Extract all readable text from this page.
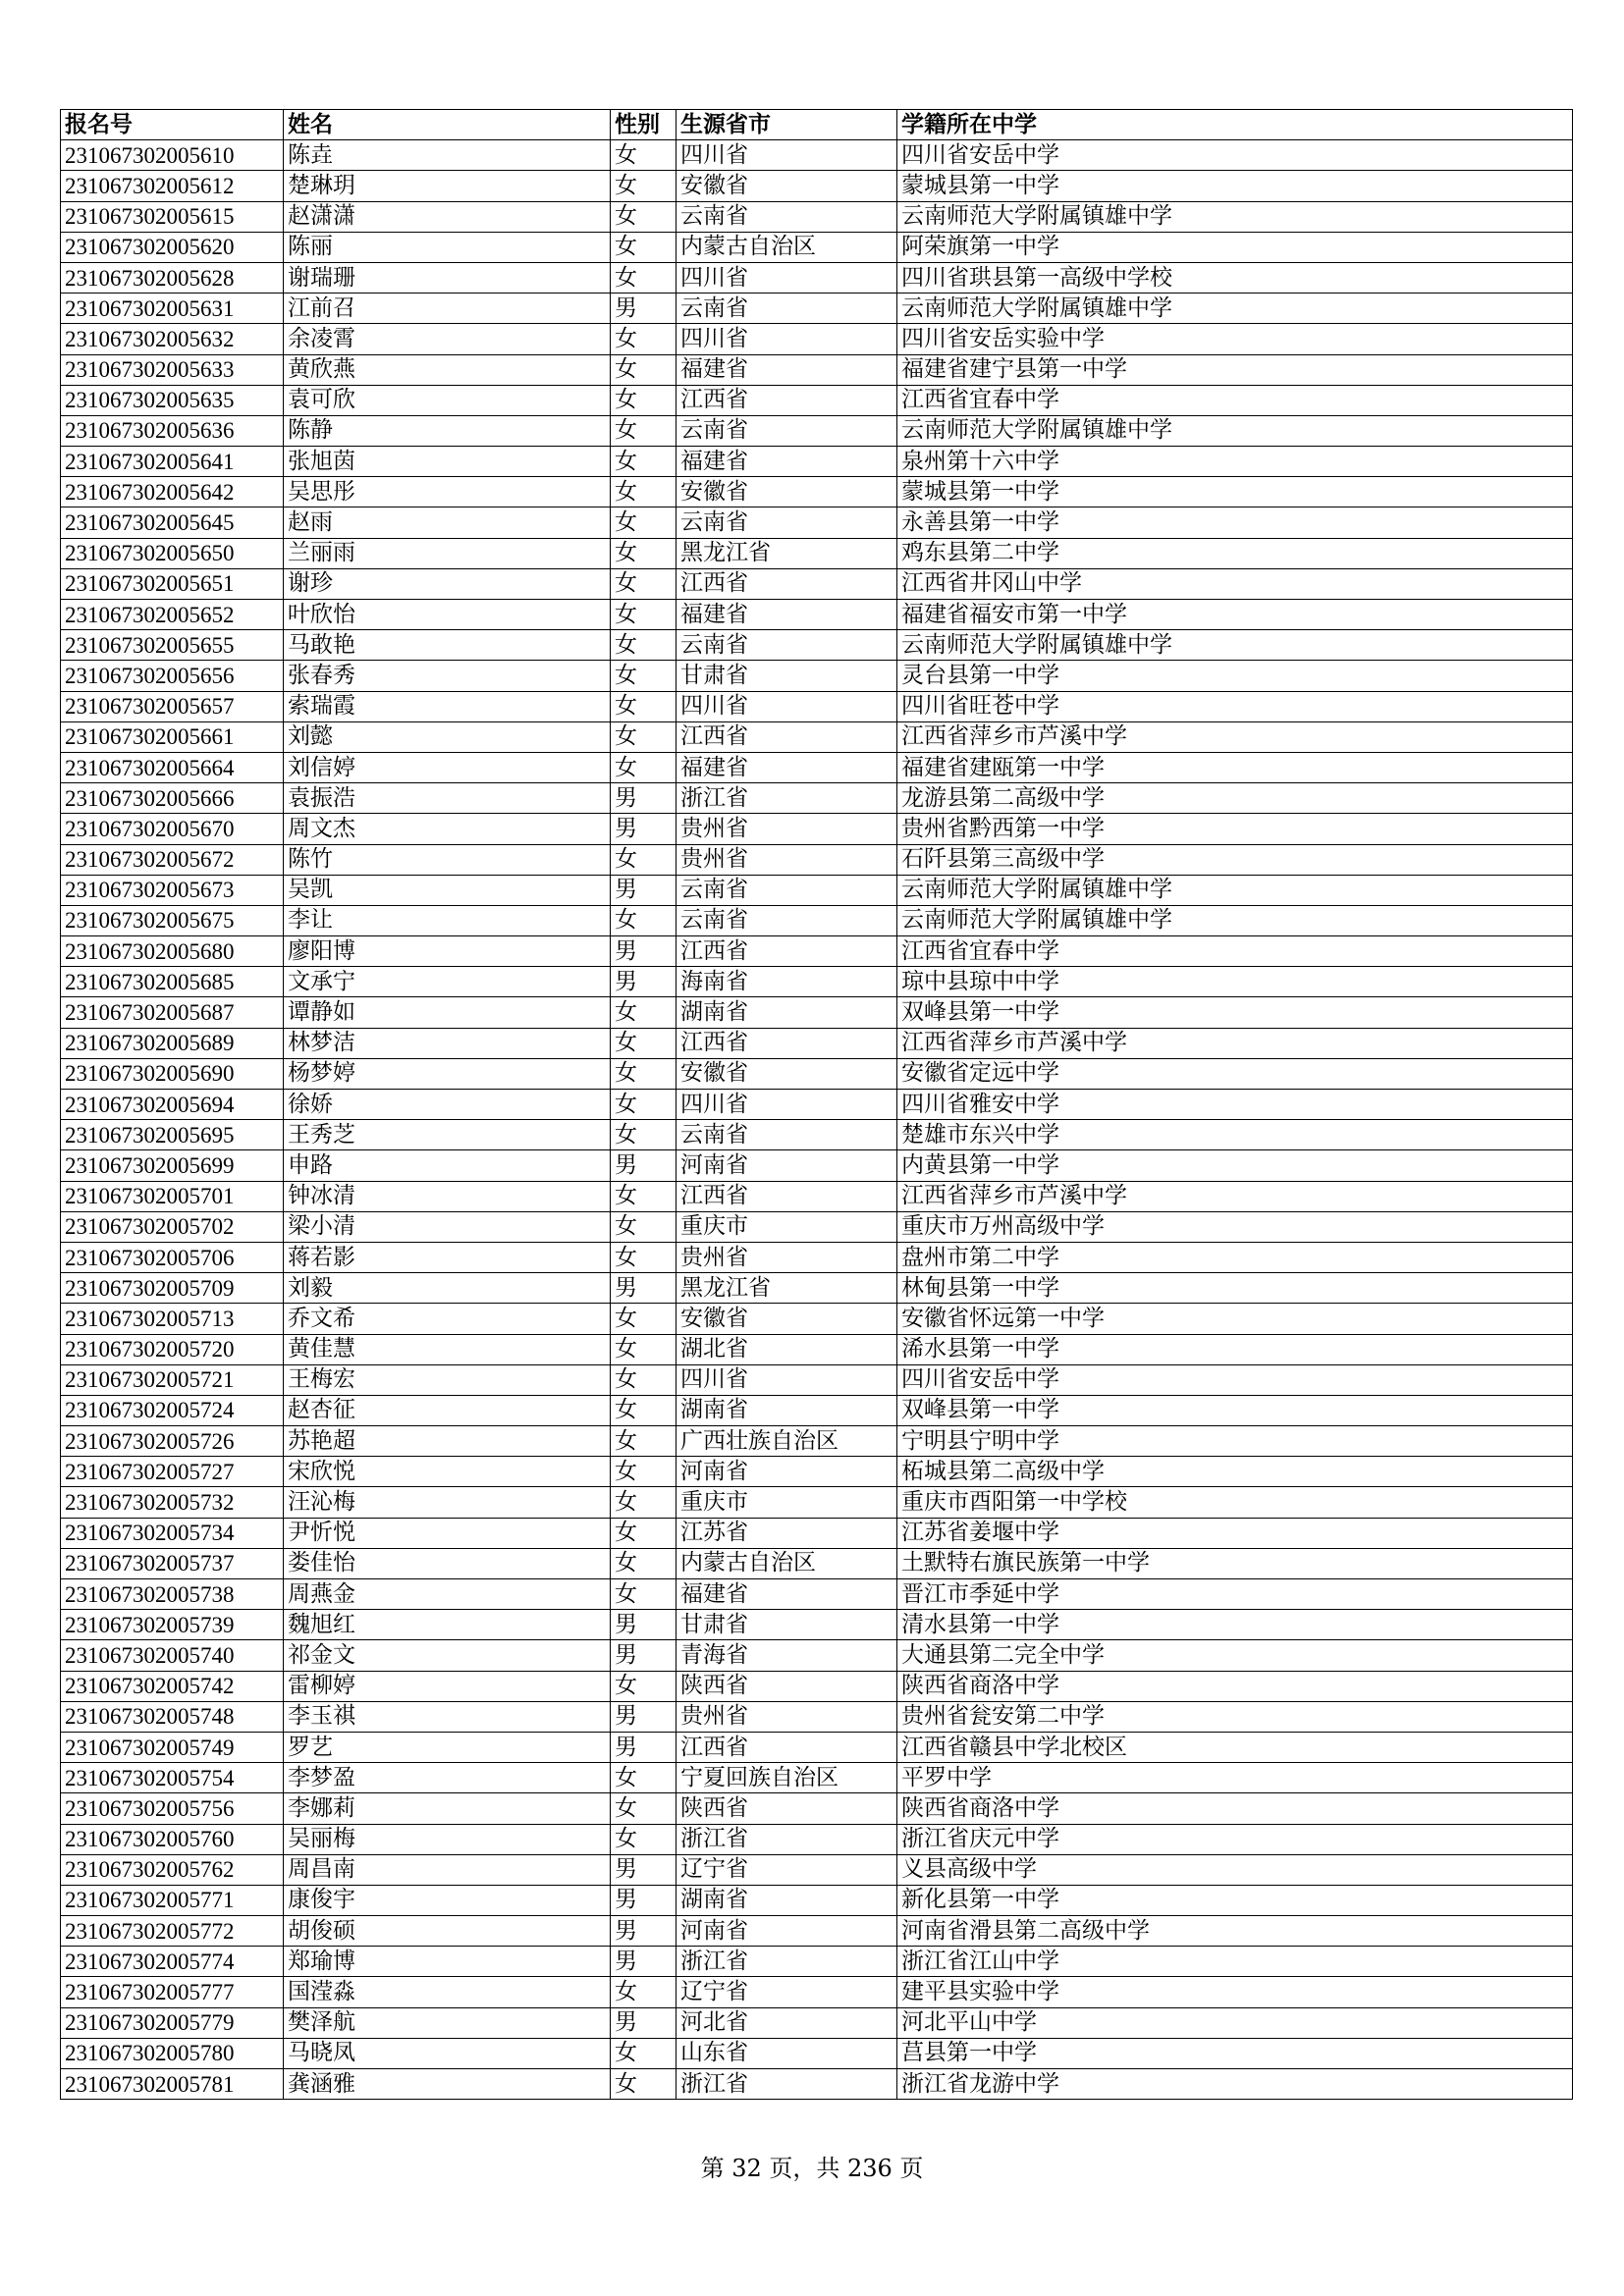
报名号	姓名	性别	生源省市	学籍所在中学
231067302005610	陈垚	女	四川省	四川省安岳中学
231067302005612	楚琳玥	女	安徽省	蒙城县第一中学
231067302005615	赵潇潇	女	云南省	云南师范大学附属镇雄中学
231067302005620	陈丽	女	内蒙古自治区	阿荣旗第一中学
231067302005628	谢瑞珊	女	四川省	四川省珙县第一高级中学校
231067302005631	江前召	男	云南省	云南师范大学附属镇雄中学
231067302005632	余凌霄	女	四川省	四川省安岳实验中学
231067302005633	黄欣燕	女	福建省	福建省建宁县第一中学
231067302005635	袁可欣	女	江西省	江西省宜春中学
231067302005636	陈静	女	云南省	云南师范大学附属镇雄中学
231067302005641	张旭茵	女	福建省	泉州第十六中学
231067302005642	吴思彤	女	安徽省	蒙城县第一中学
231067302005645	赵雨	女	云南省	永善县第一中学
231067302005650	兰丽雨	女	黑龙江省	鸡东县第二中学
231067302005651	谢珍	女	江西省	江西省井冈山中学
231067302005652	叶欣怡	女	福建省	福建省福安市第一中学
231067302005655	马敢艳	女	云南省	云南师范大学附属镇雄中学
231067302005656	张春秀	女	甘肃省	灵台县第一中学
231067302005657	索瑞霞	女	四川省	四川省旺苍中学
231067302005661	刘懿	女	江西省	江西省萍乡市芦溪中学
231067302005664	刘信婷	女	福建省	福建省建瓯第一中学
231067302005666	袁振浩	男	浙江省	龙游县第二高级中学
231067302005670	周文杰	男	贵州省	贵州省黔西第一中学
231067302005672	陈竹	女	贵州省	石阡县第三高级中学
231067302005673	吴凯	男	云南省	云南师范大学附属镇雄中学
231067302005675	李让	女	云南省	云南师范大学附属镇雄中学
231067302005680	廖阳博	男	江西省	江西省宜春中学
231067302005685	文承宁	男	海南省	琼中县琼中中学
231067302005687	谭静如	女	湖南省	双峰县第一中学
231067302005689	林梦洁	女	江西省	江西省萍乡市芦溪中学
231067302005690	杨梦婷	女	安徽省	安徽省定远中学
231067302005694	徐娇	女	四川省	四川省雅安中学
231067302005695	王秀芝	女	云南省	楚雄市东兴中学
231067302005699	申路	男	河南省	内黄县第一中学
231067302005701	钟冰清	女	江西省	江西省萍乡市芦溪中学
231067302005702	梁小清	女	重庆市	重庆市万州高级中学
231067302005706	蒋若影	女	贵州省	盘州市第二中学
231067302005709	刘毅	男	黑龙江省	林甸县第一中学
231067302005713	乔文希	女	安徽省	安徽省怀远第一中学
231067302005720	黄佳慧	女	湖北省	浠水县第一中学
231067302005721	王梅宏	女	四川省	四川省安岳中学
231067302005724	赵杏征	女	湖南省	双峰县第一中学
231067302005726	苏艳超	女	广西壮族自治区	宁明县宁明中学
231067302005727	宋欣悦	女	河南省	柘城县第二高级中学
231067302005732	汪沁梅	女	重庆市	重庆市酉阳第一中学校
231067302005734	尹忻悦	女	江苏省	江苏省姜堰中学
231067302005737	娄佳怡	女	内蒙古自治区	土默特右旗民族第一中学
231067302005738	周燕金	女	福建省	晋江市季延中学
231067302005739	魏旭红	男	甘肃省	清水县第一中学
231067302005740	祁金文	男	青海省	大通县第二完全中学
231067302005742	雷柳婷	女	陕西省	陕西省商洛中学
231067302005748	李玉祺	男	贵州省	贵州省瓮安第二中学
231067302005749	罗艺	男	江西省	江西省赣县中学北校区
231067302005754	李梦盈	女	宁夏回族自治区	平罗中学
231067302005756	李娜莉	女	陕西省	陕西省商洛中学
231067302005760	吴丽梅	女	浙江省	浙江省庆元中学
231067302005762	周昌南	男	辽宁省	义县高级中学
231067302005771	康俊宇	男	湖南省	新化县第一中学
231067302005772	胡俊硕	男	河南省	河南省滑县第二高级中学
231067302005774	郑瑜博	男	浙江省	浙江省江山中学
231067302005777	国滢淼	女	辽宁省	建平县实验中学
231067302005779	樊泽航	男	河北省	河北平山中学
231067302005780	马晓凤	女	山东省	莒县第一中学
231067302005781	龚涵雅	女	浙江省	浙江省龙游中学
第 32 页，共 236 页
